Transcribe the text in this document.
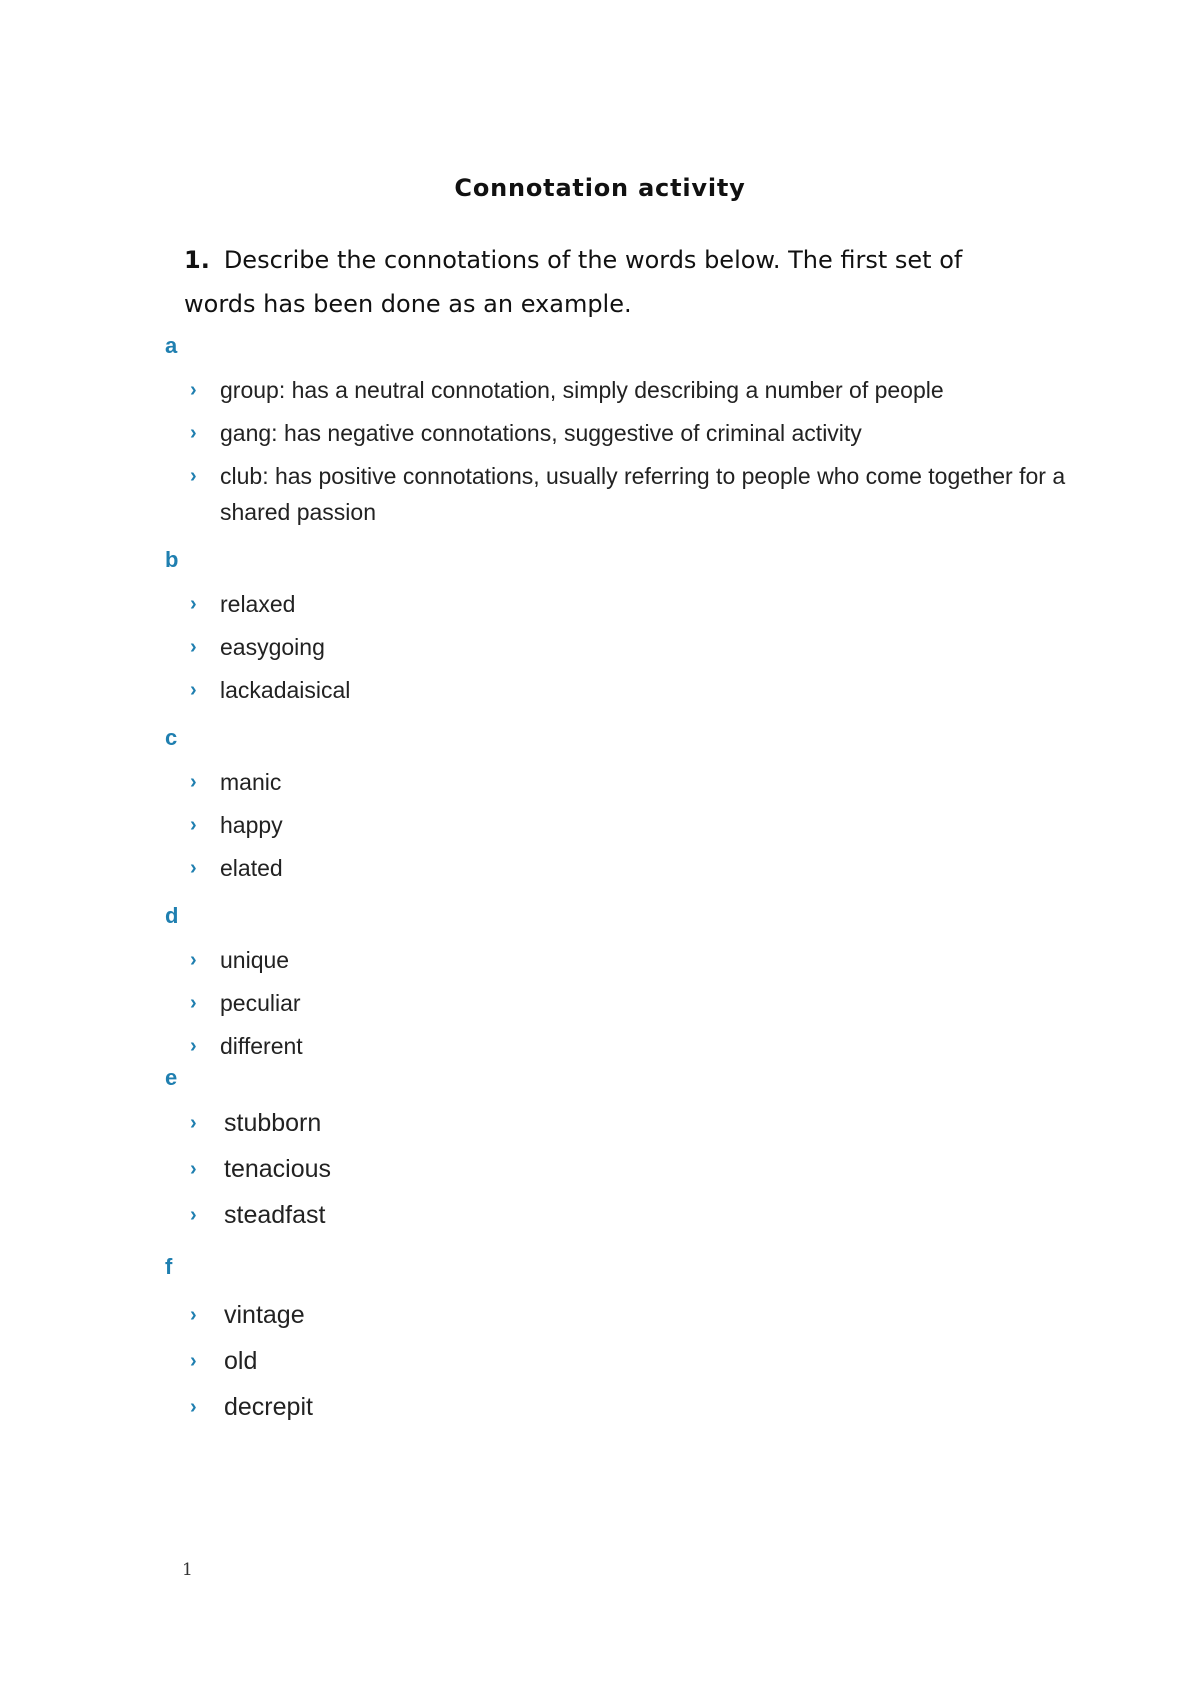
Connotation activity

1. Describe the connotations of the words below. The first set of words has been done as an example.

a
›	group: has a neutral connotation, simply describing a number of people
›	gang: has negative connotations, suggestive of criminal activity
›	club: has positive connotations, usually referring to people who come together for a shared passion
b
›	relaxed
›	easygoing
›	lackadaisical
c
›	manic
›	happy
›	elated
d
›	unique
›	peculiar
›	different
e
›	stubborn
›	tenacious
›	steadfast
f
›	vintage
›	old
›	decrepit
1
